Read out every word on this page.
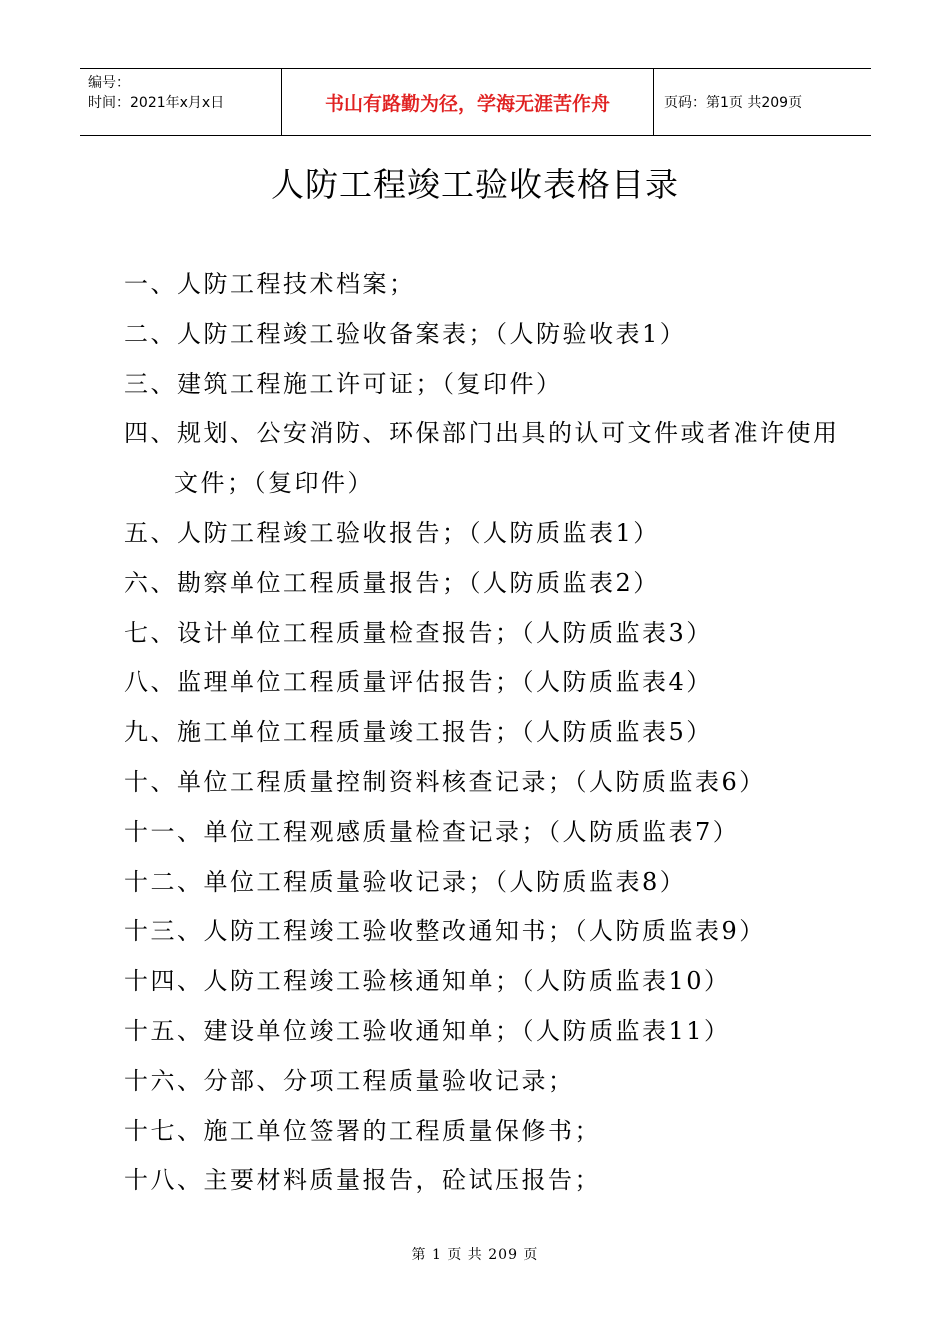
编号：
时间：2021年x月x日	书山有路勤为径，学海无涯苦作舟	页码：第1页 共209页
人防工程竣工验收表格目录
一、人防工程技术档案；
二、人防工程竣工验收备案表；（人防验收表1）
三、建筑工程施工许可证；（复印件）
四、规划、公安消防、环保部门出具的认可文件或者准许使用文件；（复印件）
五、人防工程竣工验收报告；（人防质监表1）
六、勘察单位工程质量报告；（人防质监表2）
七、设计单位工程质量检查报告；（人防质监表3）
八、监理单位工程质量评估报告；（人防质监表4）
九、施工单位工程质量竣工报告；（人防质监表5）
十、单位工程质量控制资料核查记录；（人防质监表6）
十一、单位工程观感质量检查记录；（人防质监表7）
十二、单位工程质量验收记录；（人防质监表8）
十三、人防工程竣工验收整改通知书；（人防质监表9）
十四、人防工程竣工验核通知单；（人防质监表10）
十五、建设单位竣工验收通知单；（人防质监表11）
十六、分部、分项工程质量验收记录；
十七、施工单位签署的工程质量保修书；
十八、主要材料质量报告，砼试压报告；
第 1 页 共 209 页
